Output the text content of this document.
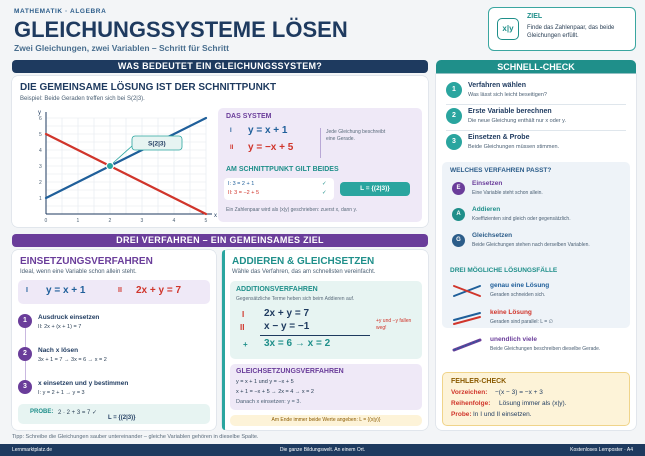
MATHEMATIK · ALGEBRA
GLEICHUNGSSYSTEME LÖSEN
Zwei Gleichungen, zwei Variablen – Schritt für Schritt
x|y
ZIEL
Finde das Zahlenpaar, das beide Gleichungen erfüllt.
WAS BEDEUTET EIN GLEICHUNGSSYSTEM?
DIE GEMEINSAME LÖSUNG IST DER SCHNITTPUNKT
Beispiel: Beide Geraden treffen sich bei S(2|3).
x
y
0	1	2	3	4	5
1
2
3
4
5
6
S(2|3)
DAS SYSTEM
I y = x + 1
II y = −x + 5
Jede Gleichung beschreibt eine Gerade.
AM SCHNITTPUNKT GILT BEIDES
I: 3 = 2 + 1
II: 3 = −2 + 5
✓
✓
L = {(2|3)}
Ein Zahlenpaar wird als (x|y) geschrieben: zuerst x, dann y.
DREI VERFAHREN – EIN GEMEINSAMES ZIEL
EINSETZUNGSVERFAHREN
Ideal, wenn eine Variable schon allein steht.
I y = x + 1	II 2x + y = 7
1	Ausdruck einsetzen
II: 2x + (x + 1) = 7
2	Nach x lösen
3x + 1 = 7 → 3x = 6 → x = 2
3	x einsetzen und y bestimmen
I: y = 2 + 1 → y = 3
PROBE: 2 · 2 + 3 = 7 ✓
L = {(2|3)}
ADDIEREN & GLEICHSETZEN
Wähle das Verfahren, das am schnellsten vereinfacht.
ADDITIONSVERFAHREN
Gegensätzliche Terme heben sich beim Addieren auf.
I 2x + y = 7
II x − y = −1
+ 3x = 6 → x = 2
+y und −y fallen weg!
GLEICHSETZUNGSVERFAHREN
y = x + 1 und y = −x + 5
x + 1 = −x + 5 → 2x = 4 → x = 2
Danach x einsetzen: y = 3.
Am Ende immer beide Werte angeben: L = {(x|y)}
SCHNELL-CHECK
1
Verfahren wählen
Was lässt sich leicht beseitigen?
2
Erste Variable berechnen
Die neue Gleichung enthält nur x oder y.
3
Einsetzen & Probe
Beide Gleichungen müssen stimmen.
WELCHES VERFAHREN PASST?
E
Einsetzen
Eine Variable steht schon allein.
A
Addieren
Koeffizienten sind gleich oder gegensätzlich.
G
Gleichsetzen
Beide Gleichungen stehen nach derselben Variablen.
DREI MÖGLICHE LÖSUNGSFÄLLE
genau eine Lösung
Geraden schneiden sich.
keine Lösung
Geraden sind parallel: L = ∅
unendlich viele
Beide Gleichungen beschreiben dieselbe Gerade.
FEHLER-CHECK
Vorzeichen: −(x − 3) = −x + 3
Reihenfolge: Lösung immer als (x|y).
Probe: In I und II einsetzen.
Tipp: Schreibe die Gleichungen sauber untereinander – gleiche Variablen gehören in dieselbe Spalte.
Lernmarktplatz.de	Die ganze Bildungswelt. An einem Ort.	Kostenloses Lernposter · A4
